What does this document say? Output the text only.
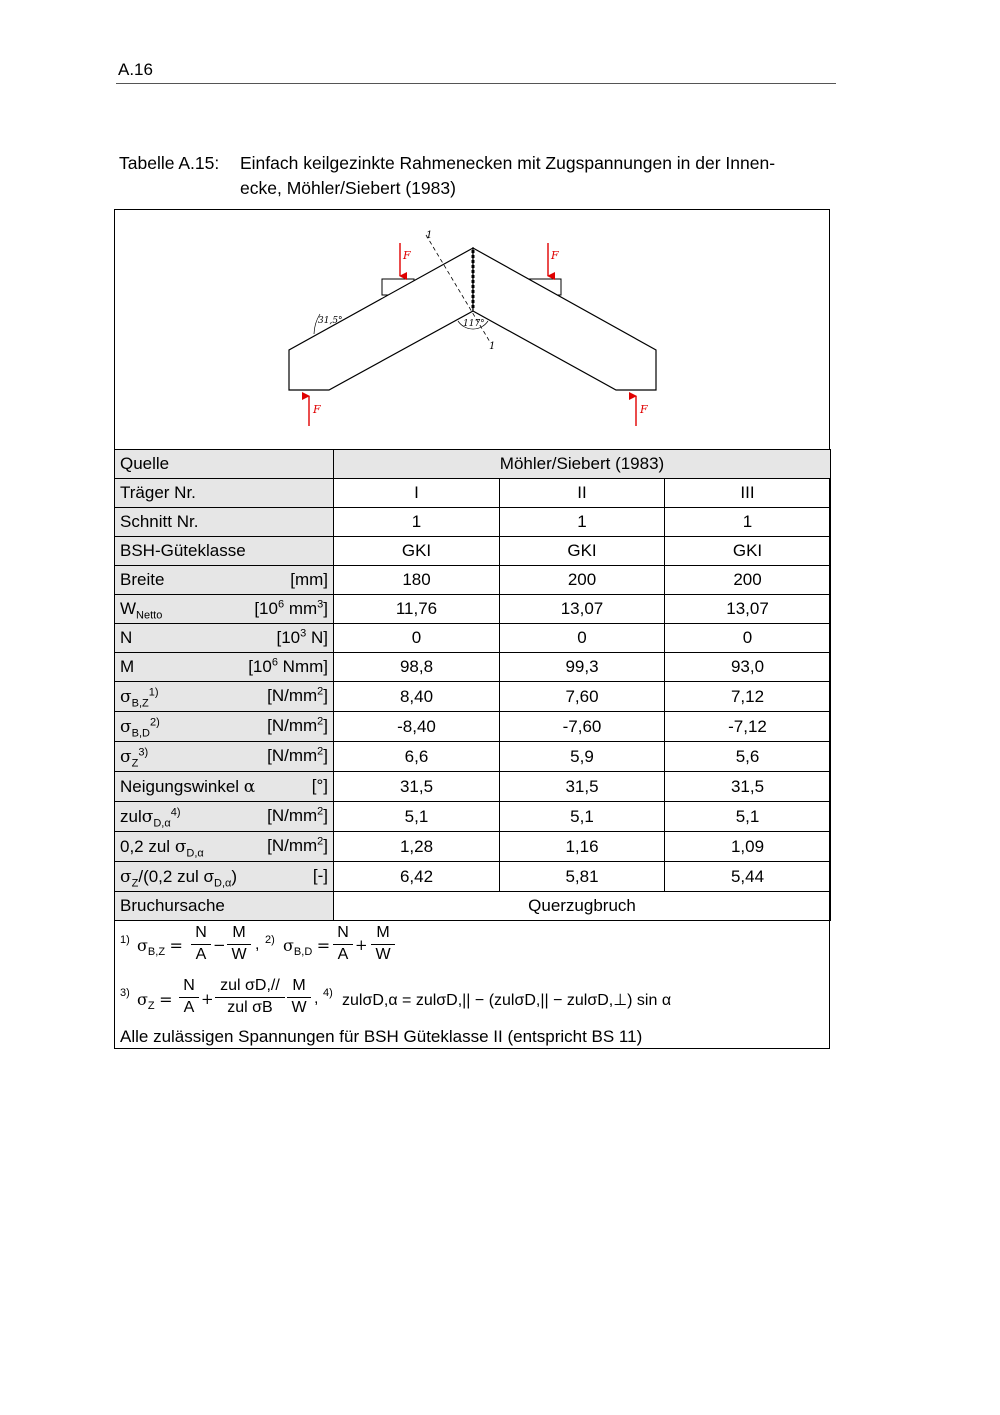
A.16
Tabelle A.15: Einfach keilgezinkte Rahmenecken mit Zugspannungen in der Innen-ecke, Möhler/Siebert (1983)
1
1
31,5°	117°
F	F
F	F
Quelle	Möhler/Siebert (1983)		
Träger Nr.	I	II	III
Schnitt Nr.	1	1	1
BSH-Güteklasse	GKI	GKI	GKI
Breite [mm]	180	200	200
$W_{Netto}$ [$10^6$ $mm^3$]	11,76	13,07	13,07
N [$10^3$ N]	0	0	0
M [$10^6$ Nmm]	98,8	99,3	93,0
$\sigma_{B,Z}^{1)}$ $[N/mm^2]$	8,40	7,60	7,12
$\sigma_{B,D}^{2)}$ $[N/mm^2]$	-8,40	-7,60	-7,12
$\sigma_Z^{3)}$ $[N/mm^2]$	6,6	5,9	5,6
Neigungswinkel α [°]	31,5	31,5	31,5
zulσ$_{D,\alpha}^{4)}$ $[N/mm^2]$	5,1	5,1	5,1
0,2 zul $\sigma_{D,\alpha}$ $[N/mm^2]$	1,28	1,16	1,09
$\sigma_Z/(0,2$ zul $\sigma_{D,\alpha}$) [-]	6,42	5,81	5,44
Bruchursache	Querzugbruch		
1) $\sigma_{B,Z}$ =
N
A
−
M
W
, 2) $\sigma_{B,D}$ =
N
A
+
M
W
3) $\sigma_Z$ =
N
A +
zul σD,//
zul σB
M
W
, 4) zulσD,α = zulσD,|| − (zulσD,|| − zulσD,⊥) sin α
Alle zulässigen Spannungen für BSH Güteklasse II (entspricht BS 11)
